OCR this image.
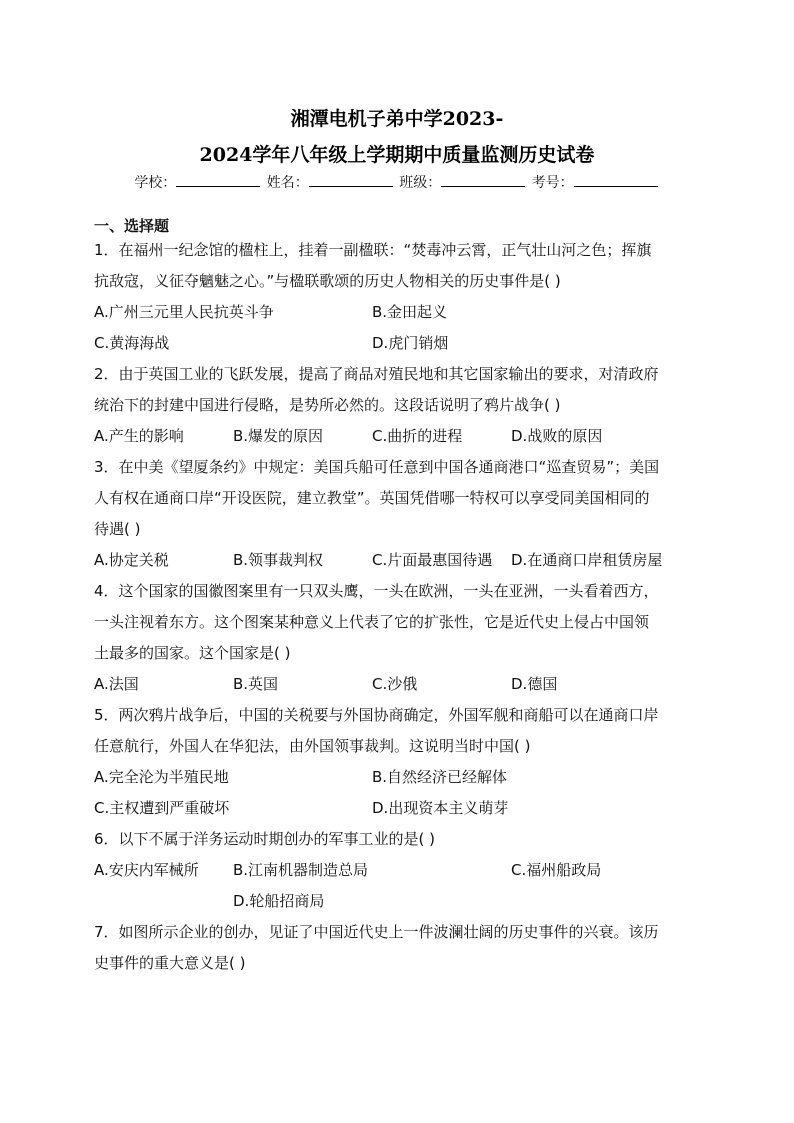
湘潭电机子弟中学2023-
2024学年八年级上学期期中质量监测历史试卷
学校：	姓名：	班级：	考号：
一、选择题
1．在福州一纪念馆的楹柱上，挂着一副楹联：“焚毒冲云霄，正气壮山河之色；挥旗
抗敌寇，义征夺魑魅之心。”与楹联歌颂的历史人物相关的历史事件是( )
A.广州三元里人民抗英斗争	B.金田起义
C.黄海海战	D.虎门销烟
2．由于英国工业的飞跃发展，提高了商品对殖民地和其它国家输出的要求，对清政府
统治下的封建中国进行侵略，是势所必然的。这段话说明了鸦片战争( )
A.产生的影响	B.爆发的原因	C.曲折的进程	D.战败的原因
3．在中美《望厦条约》中规定：美国兵船可任意到中国各通商港口“巡查贸易”；美国
人有权在通商口岸“开设医院，建立教堂”。英国凭借哪一特权可以享受同美国相同的
待遇( )
A.协定关税	B.领事裁判权	C.片面最惠国待遇 D.在通商口岸租赁房屋
4．这个国家的国徽图案里有一只双头鹰，一头在欧洲，一头在亚洲，一头看着西方，
一头注视着东方。这个图案某种意义上代表了它的扩张性，它是近代史上侵占中国领
土最多的国家。这个国家是( )
A.法国	B.英国	C.沙俄	D.德国
5．两次鸦片战争后，中国的关税要与外国协商确定，外国军舰和商船可以在通商口岸
任意航行，外国人在华犯法，由外国领事裁判。这说明当时中国( )
A.完全沦为半殖民地	B.自然经济已经解体
C.主权遭到严重破坏	D.出现资本主义萌芽
6．以下不属于洋务运动时期创办的军事工业的是( )
A.安庆内军械所 B.江南机器制造总局	C.福州船政局
D.轮船招商局
7．如图所示企业的创办，见证了中国近代史上一件波澜壮阔的历史事件的兴衰。该历
史事件的重大意义是( )
